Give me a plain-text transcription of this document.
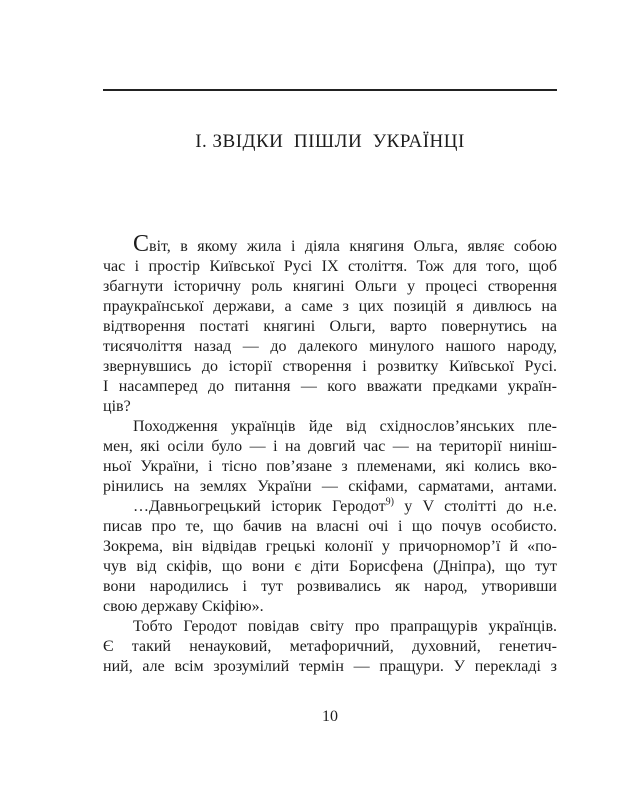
І. ЗВІДКИ  ПІШЛИ  УКРАЇНЦІ
Світ, в якому жила і діяла княгиня Ольга, являє собою
час і простір Київської Русі IX століття. Тож для того, щоб
збагнути історичну роль княгині Ольги у процесі створення
праукраїнської держави, а саме з цих позицій я дивлюсь на
відтворення постаті княгині Ольги, варто повернутись на
тисячоліття назад — до далекого минулого нашого народу,
звернувшись до історії створення і розвитку Київської Русі.
І насамперед до питання — кого вважати предками україн-
ців?
Походження українців йде від східнослов’янських пле-
мен, які осіли було — і на довгий час — на території ниніш-
ньої України, і тісно пов’язане з племенами, які колись вко-
рінились на землях України — скіфами, сарматами, антами.
…Давньогрецький історик Геродот$^{9)}$ у V столітті до н.е.
писав про те, що бачив на власні очі і що почув особисто.
Зокрема, він відвідав грецькі колонії у причорномор’ї й «по-
чув від скіфів, що вони є діти Борисфена (Дніпра), що тут
вони народились і тут розвивались як народ, утворивши
свою державу Скіфію».
Тобто Геродот повідав світу про прапращурів українців.
Є такий ненауковий, метафоричний, духовний, генетич-
ний, але всім зрозумілий термін — пращури. У перекладі з
10
